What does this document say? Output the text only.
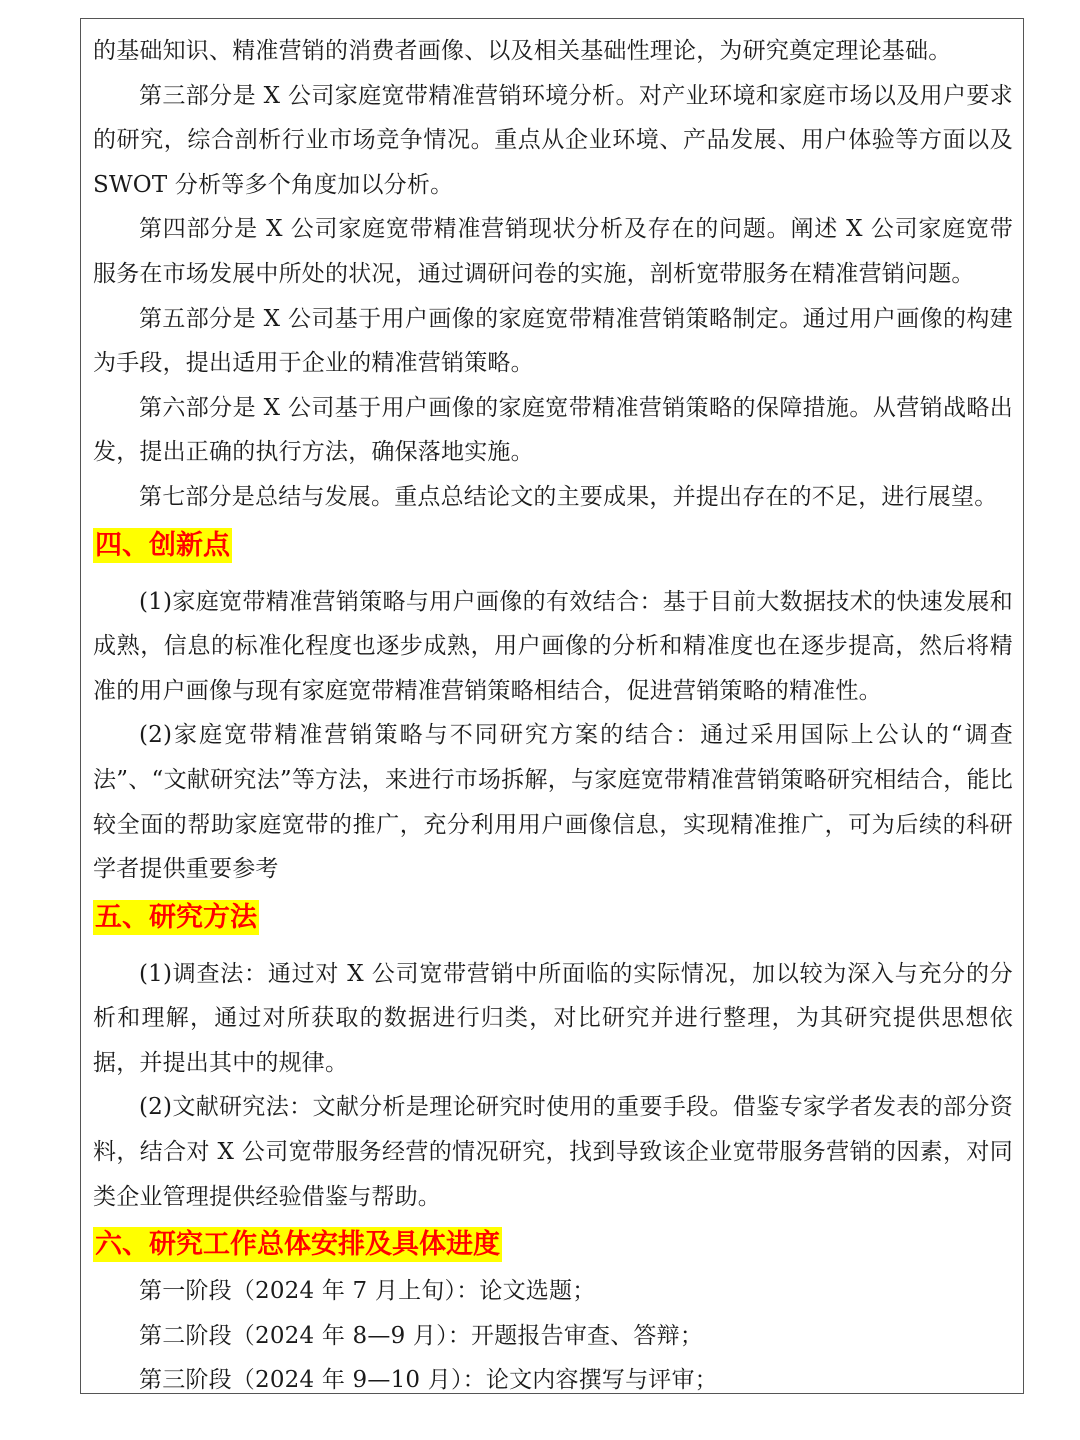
的基础知识、精准营销的消费者画像、以及相关基础性理论，为研究奠定理论基础。

第三部分是 X 公司家庭宽带精准营销环境分析。对产业环境和家庭市场以及用户要求的研究，综合剖析行业市场竞争情况。重点从企业环境、产品发展、用户体验等方面以及 SWOT 分析等多个角度加以分析。

第四部分是 X 公司家庭宽带精准营销现状分析及存在的问题。阐述 X 公司家庭宽带服务在市场发展中所处的状况，通过调研问卷的实施，剖析宽带服务在精准营销问题。

第五部分是 X 公司基于用户画像的家庭宽带精准营销策略制定。通过用户画像的构建为手段，提出适用于企业的精准营销策略。

第六部分是 X 公司基于用户画像的家庭宽带精准营销策略的保障措施。从营销战略出发，提出正确的执行方法，确保落地实施。

第七部分是总结与发展。重点总结论文的主要成果，并提出存在的不足，进行展望。

四、创新点

(1)家庭宽带精准营销策略与用户画像的有效结合：基于目前大数据技术的快速发展和成熟，信息的标准化程度也逐步成熟，用户画像的分析和精准度也在逐步提高，然后将精准的用户画像与现有家庭宽带精准营销策略相结合，促进营销策略的精准性。

(2)家庭宽带精准营销策略与不同研究方案的结合：通过采用国际上公认的“调查法”、“文献研究法”等方法，来进行市场拆解，与家庭宽带精准营销策略研究相结合，能比较全面的帮助家庭宽带的推广，充分利用用户画像信息，实现精准推广，可为后续的科研学者提供重要参考

五、研究方法

(1)调查法：通过对 X 公司宽带营销中所面临的实际情况，加以较为深入与充分的分析和理解，通过对所获取的数据进行归类，对比研究并进行整理，为其研究提供思想依据，并提出其中的规律。

(2)文献研究法：文献分析是理论研究时使用的重要手段。借鉴专家学者发表的部分资料，结合对 X 公司宽带服务经营的情况研究，找到导致该企业宽带服务营销的因素，对同类企业管理提供经验借鉴与帮助。

六、研究工作总体安排及具体进度

第一阶段（2024 年 7 月上旬）：论文选题；

第二阶段（2024 年 8—9 月）：开题报告审查、答辩；

第三阶段（2024 年 9—10 月）：论文内容撰写与评审；
